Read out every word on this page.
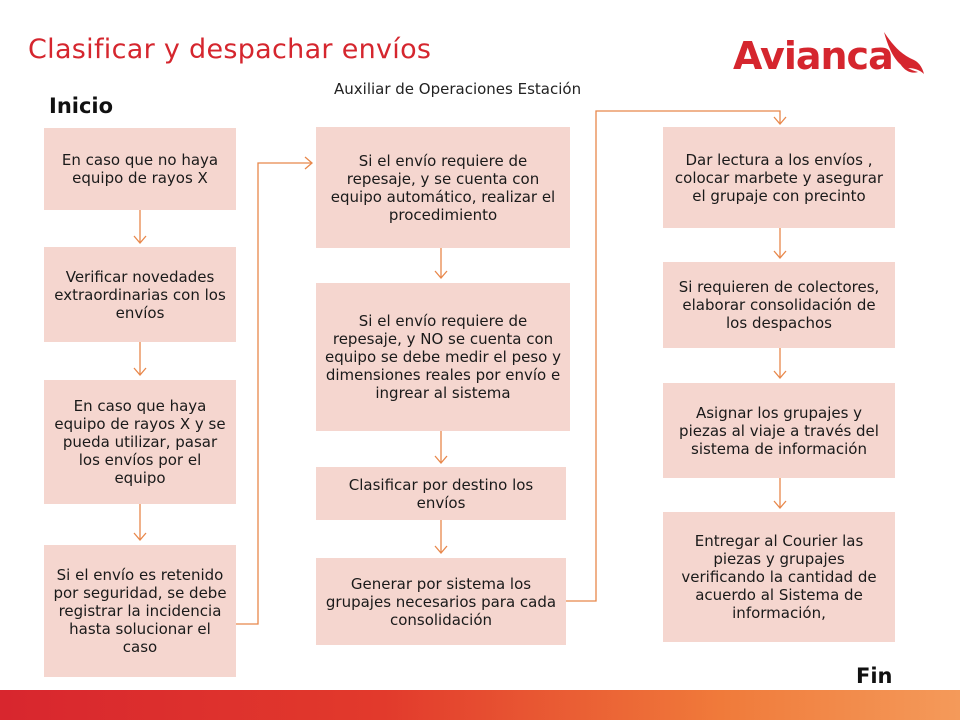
Clasificar y despachar envíos	Avianca
Auxiliar de Operaciones Estación
Inicio
Fin
En caso que no haya equipo de rayos X
Verificar novedades extraordinarias con los envíos
En caso que haya equipo de rayos X y se pueda utilizar, pasar los envíos por el equipo
Si el envío es retenido por seguridad, se debe registrar la incidencia hasta solucionar el caso
Si el envío requiere de repesaje, y se cuenta con equipo automático, realizar el procedimiento
Si el envío requiere de repesaje, y NO se cuenta con equipo se debe medir el peso y dimensiones reales por envío e ingrear al sistema
Clasificar por destino los envíos
Generar por sistema los grupajes necesarios para cada consolidación
Dar lectura a los envíos , colocar marbete y asegurar el grupaje con precinto
Si requieren de colectores, elaborar consolidación de los despachos
Asignar los grupajes y piezas al viaje a través del sistema de información
Entregar al Courier las piezas y grupajes verificando la cantidad de acuerdo al Sistema de información,
